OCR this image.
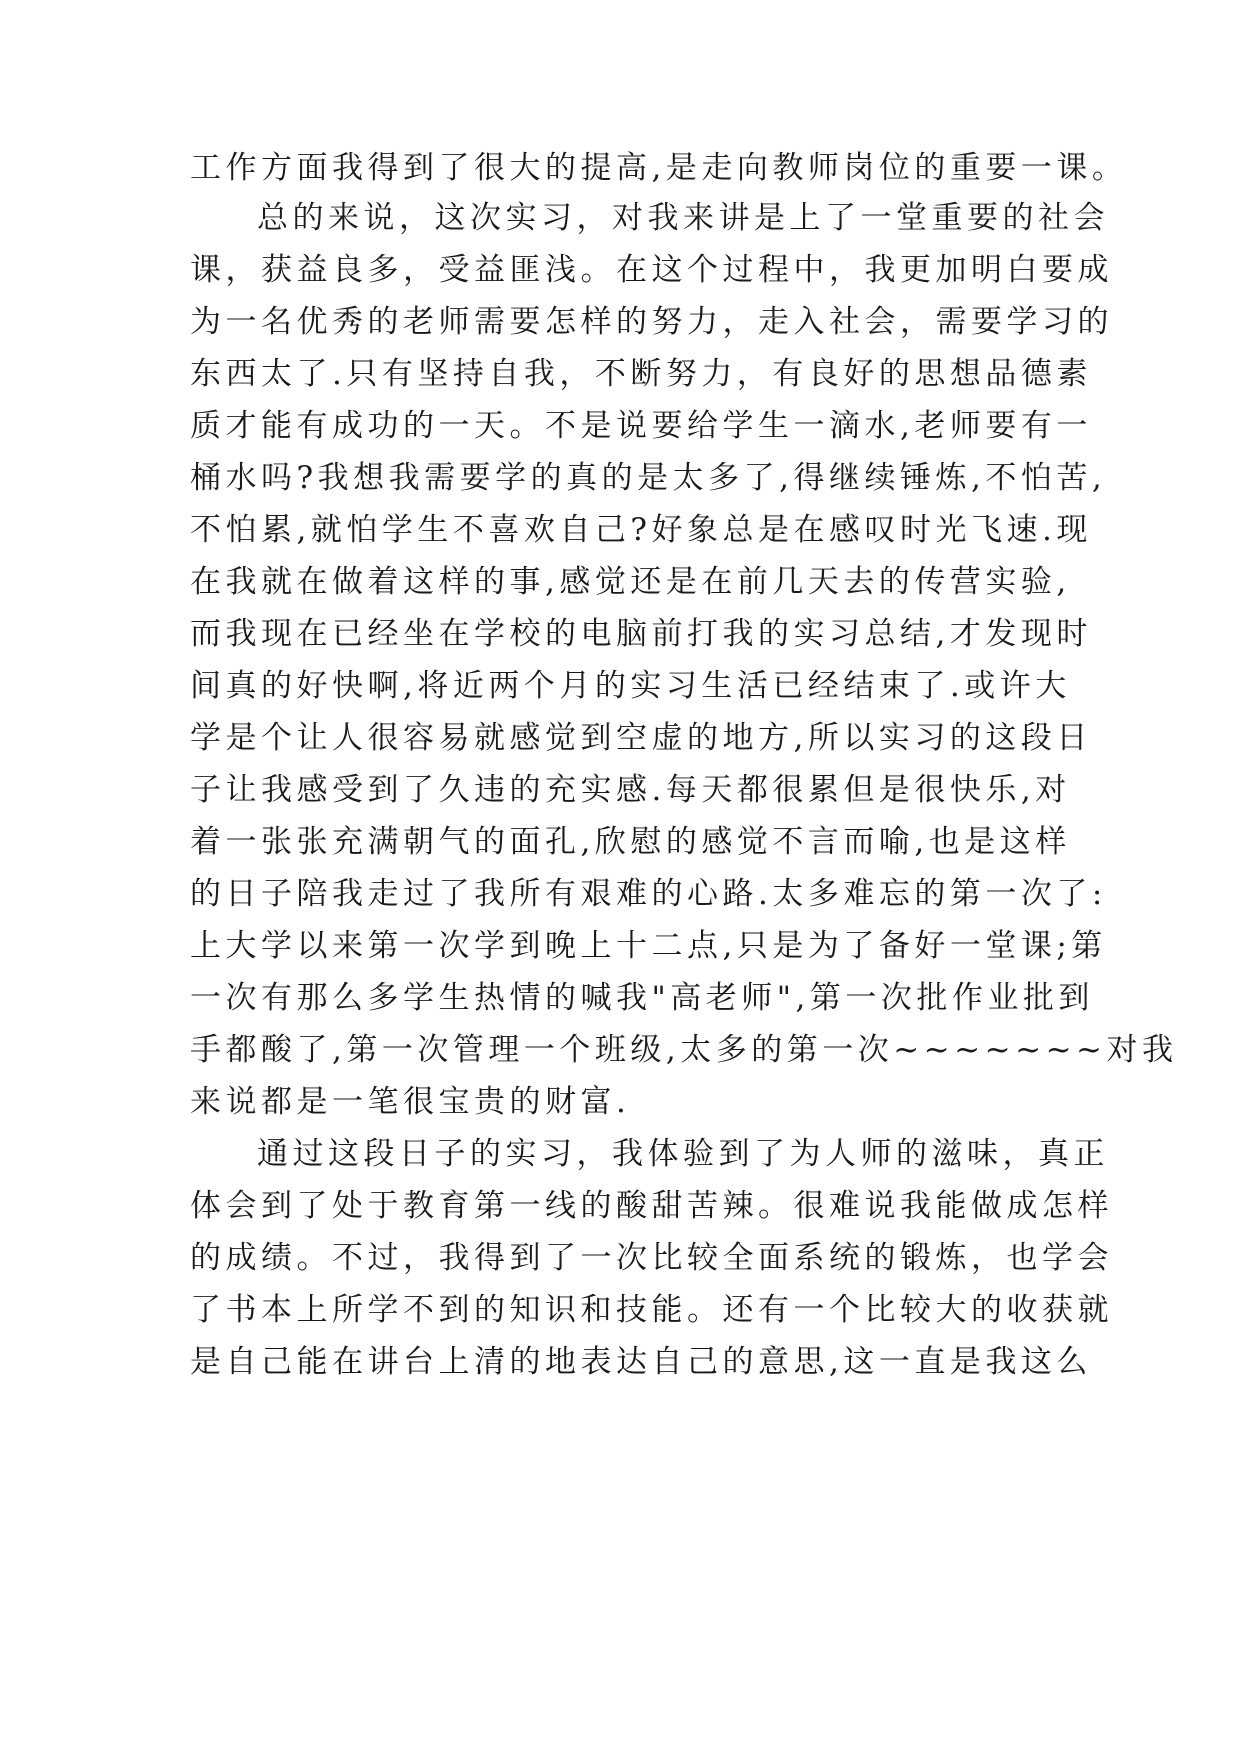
工作方面我得到了很大的提高,是走向教师岗位的重要一课。
总的来说，这次实习，对我来讲是上了一堂重要的社会
课，获益良多，受益匪浅。在这个过程中，我更加明白要成
为一名优秀的老师需要怎样的努力，走入社会，需要学习的
东西太了.只有坚持自我，不断努力，有良好的思想品德素
质才能有成功的一天。不是说要给学生一滴水,老师要有一
桶水吗?我想我需要学的真的是太多了,得继续锤炼,不怕苦,
不怕累,就怕学生不喜欢自己?好象总是在感叹时光飞速.现
在我就在做着这样的事,感觉还是在前几天去的传营实验,
而我现在已经坐在学校的电脑前打我的实习总结,才发现时
间真的好快啊,将近两个月的实习生活已经结束了.或许大
学是个让人很容易就感觉到空虚的地方,所以实习的这段日
子让我感受到了久违的充实感.每天都很累但是很快乐,对
着一张张充满朝气的面孔,欣慰的感觉不言而喻,也是这样
的日子陪我走过了我所有艰难的心路.太多难忘的第一次了:
上大学以来第一次学到晚上十二点,只是为了备好一堂课;第
一次有那么多学生热情的喊我"高老师",第一次批作业批到
手都酸了,第一次管理一个班级,太多的第一次~~~~~~~对我
来说都是一笔很宝贵的财富.
通过这段日子的实习，我体验到了为人师的滋味，真正
体会到了处于教育第一线的酸甜苦辣。很难说我能做成怎样
的成绩。不过，我得到了一次比较全面系统的锻炼，也学会
了书本上所学不到的知识和技能。还有一个比较大的收获就
是自己能在讲台上清的地表达自己的意思,这一直是我这么
